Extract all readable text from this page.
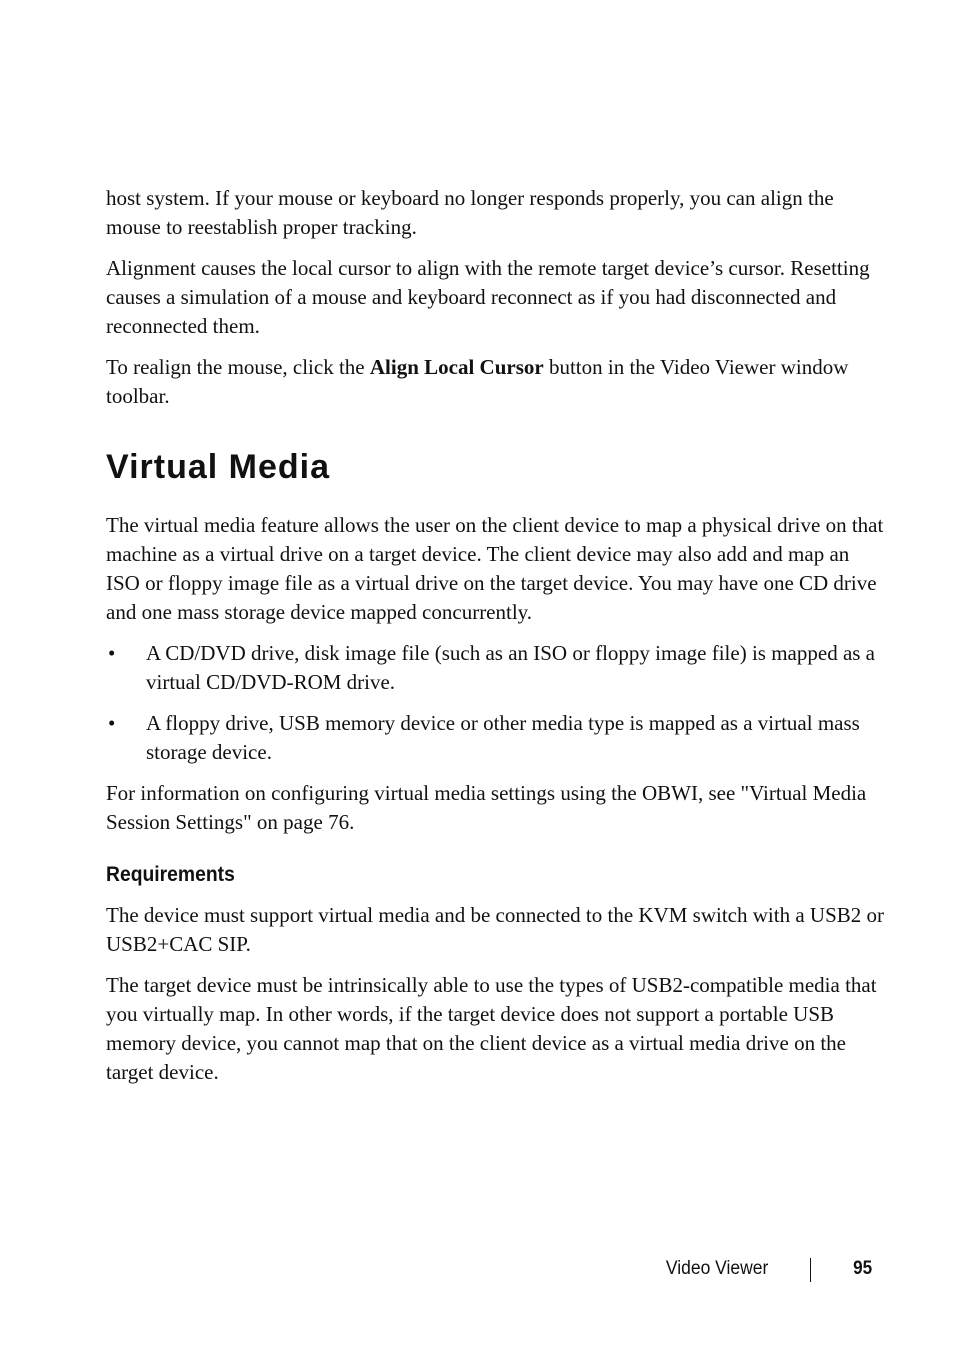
host system. If your mouse or keyboard no longer responds properly, you can align the mouse to reestablish proper tracking.

Alignment causes the local cursor to align with the remote target device’s cursor. Resetting causes a simulation of a mouse and keyboard reconnect as if you had disconnected and reconnected them.

To realign the mouse, click the Align Local Cursor button in the Video Viewer window toolbar.

Virtual Media

The virtual media feature allows the user on the client device to map a physical drive on that machine as a virtual drive on a target device. The client device may also add and map an ISO or floppy image file as a virtual drive on the target device. You may have one CD drive and one mass storage device mapped concurrently.

• A CD/DVD drive, disk image file (such as an ISO or floppy image file) is mapped as a virtual CD/DVD-ROM drive.
• A floppy drive, USB memory device or other media type is mapped as a virtual mass storage device.

For information on configuring virtual media settings using the OBWI, see "Virtual Media Session Settings" on page 76.

Requirements

The device must support virtual media and be connected to the KVM switch with a USB2 or USB2+CAC SIP.

The target device must be intrinsically able to use the types of USB2-compatible media that you virtually map. In other words, if the target device does not support a portable USB memory device, you cannot map that on the client device as a virtual media drive on the target device.

Video Viewer	95
